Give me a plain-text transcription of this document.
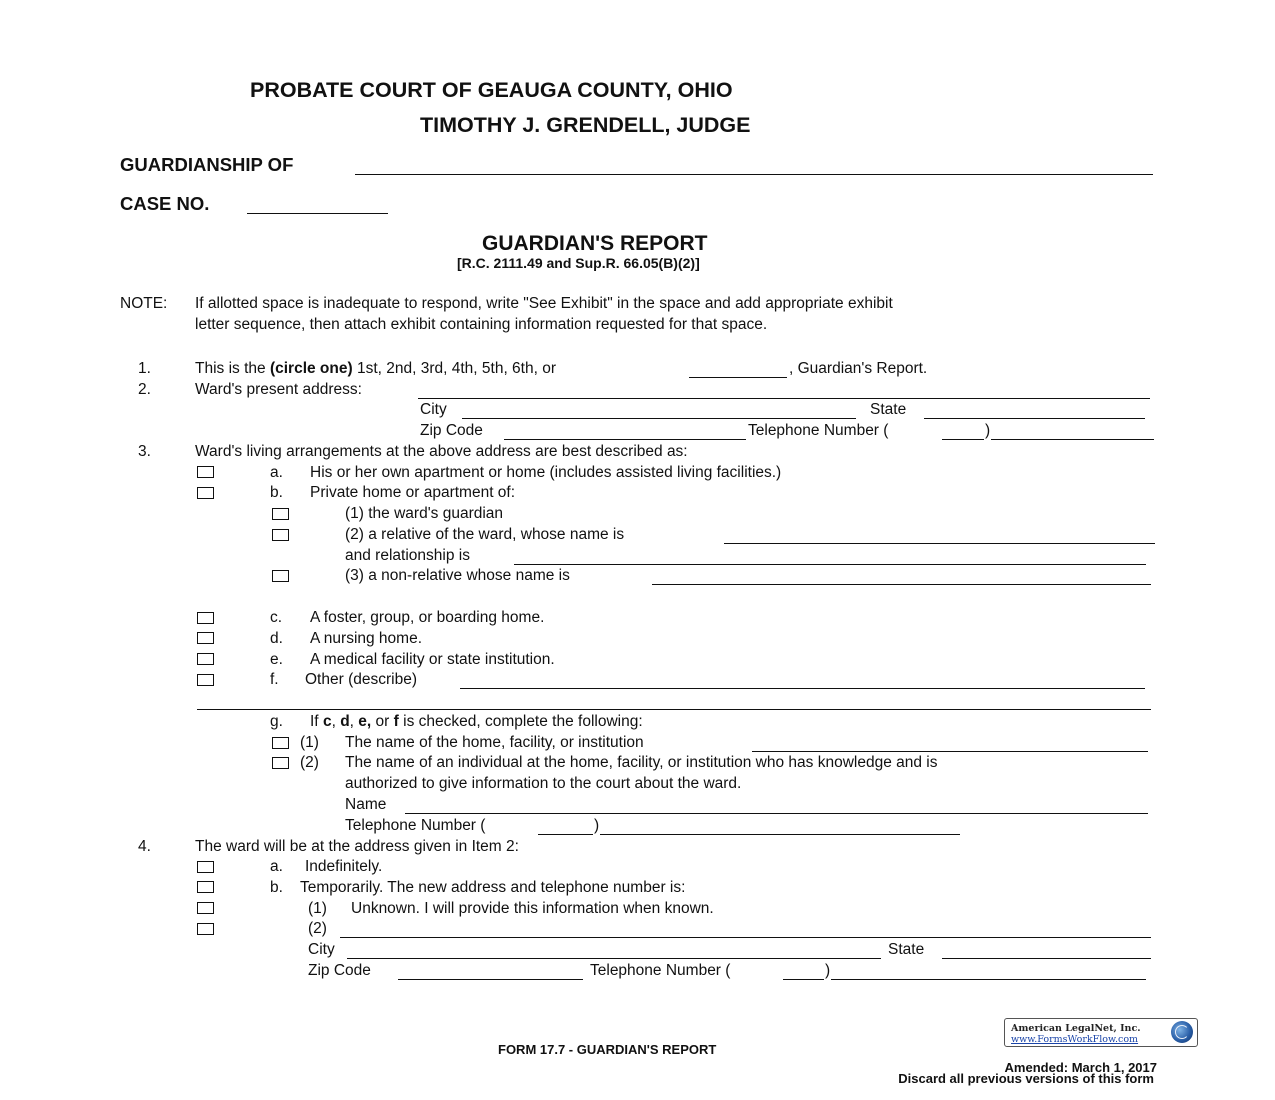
PROBATE COURT OF GEAUGA COUNTY, OHIO
TIMOTHY J. GRENDELL, JUDGE
GUARDIANSHIP OF
CASE NO.
GUARDIAN'S REPORT
[R.C. 2111.49 and Sup.R. 66.05(B)(2)]
NOTE: If allotted space is inadequate to respond, write "See Exhibit" in the space and add appropriate exhibit
letter sequence, then attach exhibit containing information requested for that space.
1.	This is the (circle one) 1st, 2nd, 3rd, 4th, 5th, 6th, or	, Guardian's Report.
2.	Ward's present address:
City	State
Zip Code	Telephone Number (	)
3.	Ward's living arrangements at the above address are best described as:
a. His or her own apartment or home (includes assisted living facilities.)
b. Private home or apartment of:
(1) the ward's guardian
(2) a relative of the ward, whose name is
and relationship is
(3) a non-relative whose name is
c. A foster, group, or boarding home.
d. A nursing home.
e. A medical facility or state institution.
f. Other (describe)
g. If c, d, e, or f is checked, complete the following:
(1) The name of the home, facility, or institution
(2) The name of an individual at the home, facility, or institution who has knowledge and is
authorized to give information to the court about the ward.
Name
Telephone Number (	)
4.	The ward will be at the address given in Item 2:
a. Indefinitely.
b. Temporarily. The new address and telephone number is:
(1) Unknown. I will provide this information when known.
(2)
City	State
Zip Code	Telephone Number (	)
American LegalNet, Inc.
www.FormsWorkFlow.com
FORM 17.7 - GUARDIAN'S REPORT
Amended: March 1, 2017
Discard all previous versions of this form
